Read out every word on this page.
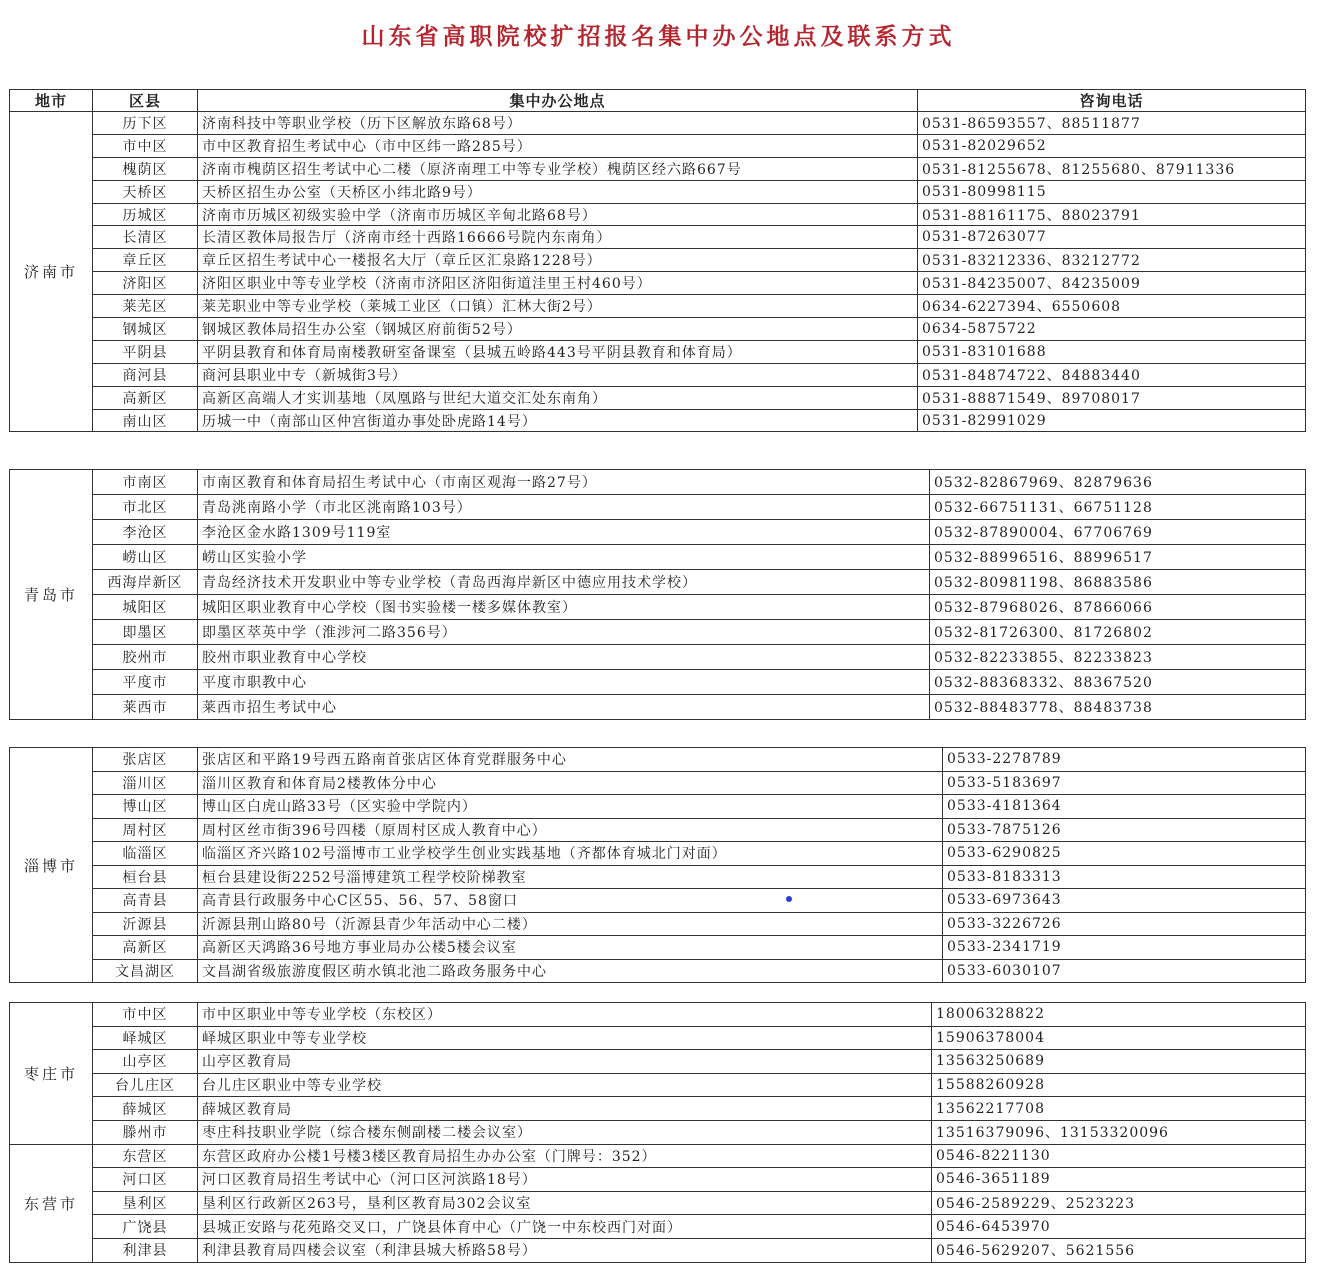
山东省高职院校扩招报名集中办公地点及联系方式
地市	区县	集中办公地点	咨询电话
济南市	历下区	济南科技中等职业学校（历下区解放东路68号）	0531-86593557、88511877
	市中区	市中区教育招生考试中心（市中区纬一路285号）	0531-82029652
	槐荫区	济南市槐荫区招生考试中心二楼（原济南理工中等专业学校）槐荫区经六路667号	0531-81255678、81255680、87911336
	天桥区	天桥区招生办公室（天桥区小纬北路9号）	0531-80998115
	历城区	济南市历城区初级实验中学（济南市历城区辛甸北路68号）	0531-88161175、88023791
	长清区	长清区教体局报告厅（济南市经十西路16666号院内东南角）	0531-87263077
	章丘区	章丘区招生考试中心一楼报名大厅（章丘区汇泉路1228号）	0531-83212336、83212772
	济阳区	济阳区职业中等专业学校（济南市济阳区济阳街道洼里王村460号）	0531-84235007、84235009
	莱芜区	莱芜职业中等专业学校（莱城工业区（口镇）汇林大街2号）	0634-6227394、6550608
	钢城区	钢城区教体局招生办公室（钢城区府前街52号）	0634-5875722
	平阴县	平阴县教育和体育局南楼教研室备课室（县城五岭路443号平阴县教育和体育局）	0531-83101688
	商河县	商河县职业中专（新城街3号）	0531-84874722、84883440
	高新区	高新区高端人才实训基地（凤凰路与世纪大道交汇处东南角）	0531-88871549、89708017
	南山区	历城一中（南部山区仲宫街道办事处卧虎路14号）	0531-82991029
青岛市	市南区	市南区教育和体育局招生考试中心（市南区观海一路27号）	0532-82867969、82879636
	市北区	青岛洮南路小学（市北区洮南路103号）	0532-66751131、66751128
	李沧区	李沧区金水路1309号119室	0532-87890004、67706769
	崂山区	崂山区实验小学	0532-88996516、88996517
	西海岸新区	青岛经济技术开发职业中等专业学校（青岛西海岸新区中德应用技术学校）	0532-80981198、86883586
	城阳区	城阳区职业教育中心学校（图书实验楼一楼多媒体教室）	0532-87968026、87866066
	即墨区	即墨区萃英中学（淮涉河二路356号）	0532-81726300、81726802
	胶州市	胶州市职业教育中心学校	0532-82233855、82233823
	平度市	平度市职教中心	0532-88368332、88367520
	莱西市	莱西市招生考试中心	0532-88483778、88483738
淄博市	张店区	张店区和平路19号西五路南首张店区体育党群服务中心	0533-2278789
	淄川区	淄川区教育和体育局2楼教体分中心	0533-5183697
	博山区	博山区白虎山路33号（区实验中学院内）	0533-4181364
	周村区	周村区丝市街396号四楼（原周村区成人教育中心）	0533-7875126
	临淄区	临淄区齐兴路102号淄博市工业学校学生创业实践基地（齐都体育城北门对面）	0533-6290825
	桓台县	桓台县建设街2252号淄博建筑工程学校阶梯教室	0533-8183313
	高青县	高青县行政服务中心C区55、56、57、58窗口	0533-6973643
	沂源县	沂源县荆山路80号（沂源县青少年活动中心二楼）	0533-3226726
	高新区	高新区天鸿路36号地方事业局办公楼5楼会议室	0533-2341719
	文昌湖区	文昌湖省级旅游度假区萌水镇北池二路政务服务中心	0533-6030107
枣庄市	市中区	市中区职业中等专业学校（东校区）	18006328822
	峄城区	峄城区职业中等专业学校	15906378004
	山亭区	山亭区教育局	13563250689
	台儿庄区	台儿庄区职业中等专业学校	15588260928
	薛城区	薛城区教育局	13562217708
	滕州市	枣庄科技职业学院（综合楼东侧副楼二楼会议室）	13516379096、13153320096
东营市	东营区	东营区政府办公楼1号楼3楼区教育局招生办办公室（门牌号：352）	0546-8221130
	河口区	河口区教育局招生考试中心（河口区河滨路18号）	0546-3651189
	垦利区	垦利区行政新区263号，垦利区教育局302会议室	0546-2589229、2523223
	广饶县	县城正安路与花苑路交叉口，广饶县体育中心（广饶一中东校西门对面）	0546-6453970
	利津县	利津县教育局四楼会议室（利津县城大桥路58号）	0546-5629207、5621556
